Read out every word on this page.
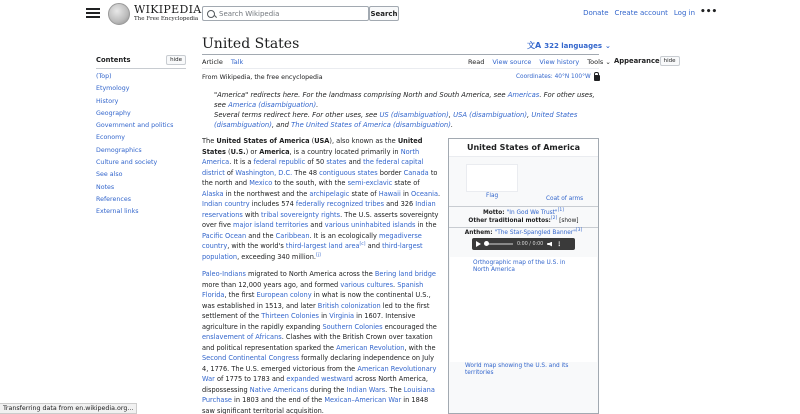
WIKIPEDIA
The Free Encyclopedia
Search Wikipedia
Search	Donate Create account Log in •••
Contents	hide
(Top)
Etymology
History
Geography
Government and politics
Economy
Demographics
Culture and society
See also
Notes
References
External links
United States	文A 322 languages ⌄
Article Talk	Read View source View history Tools ⌄
From Wikipedia, the free encyclopedia	Coordinates: 40°N 100°W
"America" redirects here. For the landmass comprising North and South America, see Americas. For other uses, see America (disambiguation).
Several terms redirect here. For other uses, see US (disambiguation), USA (disambiguation), United States (disambiguation), and The United States of America (disambiguation).

The United States of America (USA), also known as the United States (U.S.) or America, is a country located primarily in North America. It is a federal republic of 50 states and the federal capital district of Washington, D.C. The 48 contiguous states border Canada to the north and Mexico to the south, with the semi-exclavic state of Alaska in the northwest and the archipelagic state of Hawaii in Oceania. Indian country includes 574 federally recognized tribes and 326 Indian reservations with tribal sovereignty rights. The U.S. asserts sovereignty over five major island territories and various uninhabited islands in the Pacific Ocean and the Caribbean. It is an ecologically megadiverse country, with the world's third-largest land area[c] and third-largest population, exceeding 340 million.[j]

Paleo-Indians migrated to North America across the Bering land bridge more than 12,000 years ago, and formed various cultures. Spanish Florida, the first European colony in what is now the continental U.S., was established in 1513, and later British colonization led to the first settlement of the Thirteen Colonies in Virginia in 1607. Intensive agriculture in the rapidly expanding Southern Colonies encouraged the enslavement of Africans. Clashes with the British Crown over taxation and political representation sparked the American Revolution, with the Second Continental Congress formally declaring independence on July 4, 1776. The U.S. emerged victorious from the American Revolutionary War of 1775 to 1783 and expanded westward across North America, dispossessing Native Americans during the Indian Wars. The Louisiana Purchase in 1803 and the end of the Mexican–American War in 1848 saw significant territorial acquisition.

United States of America
Flag	Coat of arms
Motto: "In God We Trust"[1]
Other traditional mottos:[2] [show]
Anthem: "The Star-Spangled Banner"[3]
0:00 / 0:00 ⋮
Orthographic map of the U.S. in North America
World map showing the U.S. and its territories
Appearance hide
Transferring data from en.wikipedia.org...
